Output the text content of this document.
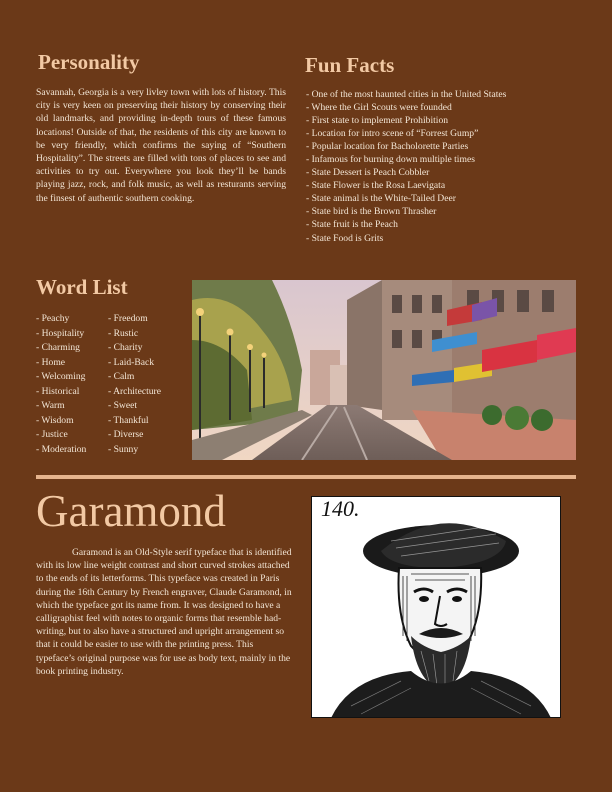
Personality

Savannah, Georgia is a very livley town with lots of history. This city is very keen on preserving their history by conserving their old landmarks, and providing in-depth tours of these famous locations! Outside of that, the residents of this city are known to be very friendly, which confirms the saying of “Southern Hospitality”. The streets are filled with tons of places to see and activities to try out. Everywhere you look they’ll be bands playing jazz, rock, and folk music, as well as resturants serving the finsest of authentic southern cooking.

Fun Facts
- One of the most haunted cities in the United States
- Where the Girl Scouts were founded
- First state to implement Prohibition
- Location for intro scene of “Forrest Gump”
- Popular location for Bacholorette Parties
- Infamous for burning down multiple times
- State Dessert is Peach Cobbler
- State Flower is the Rosa Laevigata
- State animal is the White-Tailed Deer
- State bird is the Brown Thrasher
- State fruit is the Peach
- State Food is Grits
Word List
- Peachy
- Hospitality
- Charming
- Home
- Welcoming
- Historical
- Warm
- Wisdom
- Justice
- Moderation
- Freedom
- Rustic
- Charity
- Laid-Back
- Calm
- Architecture
- Sweet
- Thankful
- Diverse
- Sunny
Garamond

Garamond is an Old-Style serif typeface that is identified with its low line weight contrast and short curved strokes attached to the ends of its letterforms. This typeface was created in Paris during the 16th Century by French engraver, Claude Garamond, in which the typeface got its name from. It was designed to have a calligraphist feel with notes to organic forms that resemble had-writing, but to also have a structured and upright arrangement so that it could be easier to use with the printing press. This typeface’s original purpose was for use as body text, mainly in the book printing industry.

140.
